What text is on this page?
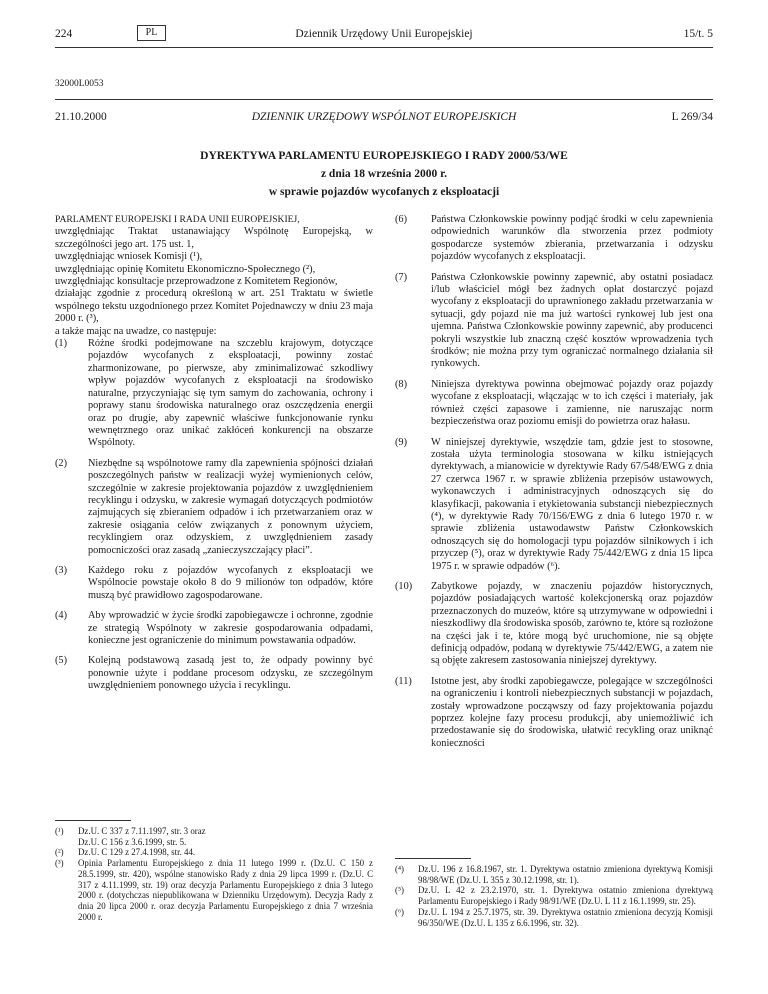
224	PL	Dziennik Urzędowy Unii Europejskiej	15/t. 5
32000L0053
21.10.2000	DZIENNIK URZĘDOWY WSPÓLNOT EUROPEJSKICH	L 269/34
DYREKTYWA PARLAMENTU EUROPEJSKIEGO I RADY 2000/53/WE
z dnia 18 września 2000 r.
w sprawie pojazdów wycofanych z eksploatacji

PARLAMENT EUROPEJSKI I RADA UNII EUROPEJSKIEJ,

uwzględniając Traktat ustanawiający Wspólnotę Europejską, w szczególności jego art. 175 ust. 1,

uwzględniając wniosek Komisji (¹),

uwzględniając opinię Komitetu Ekonomiczno-Społecznego (²),

uwzględniając konsultacje przeprowadzone z Komitetem Regionów,

działając zgodnie z procedurą określoną w art. 251 Traktatu w świetle wspólnego tekstu uzgodnionego przez Komitet Pojednawczy w dniu 23 maja 2000 r. (³),

a także mając na uwadze, co następuje:

(1) Różne środki podejmowane na szczeblu krajowym, dotyczące pojazdów wycofanych z eksploatacji, powinny zostać zharmonizowane, po pierwsze, aby zminimalizować szkodliwy wpływ pojazdów wycofanych z eksploatacji na środowisko naturalne, przyczyniając się tym samym do zachowania, ochrony i poprawy stanu środowiska naturalnego oraz oszczędzenia energii oraz po drugie, aby zapewnić właściwe funkcjonowanie rynku wewnętrznego oraz unikać zakłóceń konkurencji na obszarze Wspólnoty.

(2) Niezbędne są wspólnotowe ramy dla zapewnienia spójności działań poszczególnych państw w realizacji wyżej wymienionych celów, szczególnie w zakresie projektowania pojazdów z uwzględnieniem recyklingu i odzysku, w zakresie wymagań dotyczących podmiotów zajmujących się zbieraniem odpadów i ich przetwarzaniem oraz w zakresie osiągania celów związanych z ponownym użyciem, recyklingiem oraz odzyskiem, z uwzględnieniem zasady pomocniczości oraz zasadą „zanieczyszczający płaci”.

(3) Każdego roku z pojazdów wycofanych z eksploatacji we Wspólnocie powstaje około 8 do 9 milionów ton odpadów, które muszą być prawidłowo zagospodarowane.

(4) Aby wprowadzić w życie środki zapobiegawcze i ochronne, zgodnie ze strategią Wspólnoty w zakresie gospodarowania odpadami, konieczne jest ograniczenie do minimum powstawania odpadów.

(5) Kolejną podstawową zasadą jest to, że odpady powinny być ponownie użyte i poddane procesom odzysku, ze szczególnym uwzględnieniem ponownego użycia i recyklingu.

(¹) Dz.U. C 337 z 7.11.1997, str. 3 oraz

Dz.U. C 156 z 3.6.1999, str. 5.

(²) Dz.U. C 129 z 27.4.1998, str. 44.

(³) Opinia Parlamentu Europejskiego z dnia 11 lutego 1999 r. (Dz.U. C 150 z 28.5.1999, str. 420), wspólne stanowisko Rady z dnia 29 lipca 1999 r. (Dz.U. C 317 z 4.11.1999, str. 19) oraz decyzja Parlamentu Europejskiego z dnia 3 lutego 2000 r. (dotychczas niepublikowana w Dzienniku Urzędowym). Decyzja Rady z dnia 20 lipca 2000 r. oraz decyzja Parlamentu Europejskiego z dnia 7 września 2000 r.

(6) Państwa Członkowskie powinny podjąć środki w celu zapewnienia odpowiednich warunków dla stworzenia przez podmioty gospodarcze systemów zbierania, przetwarzania i odzysku pojazdów wycofanych z eksploatacji.

(7) Państwa Członkowskie powinny zapewnić, aby ostatni posiadacz i/lub właściciel mógł bez żadnych opłat dostarczyć pojazd wycofany z eksploatacji do uprawnionego zakładu przetwarzania w sytuacji, gdy pojazd nie ma już wartości rynkowej lub jest ona ujemna. Państwa Członkowskie powinny zapewnić, aby producenci pokryli wszystkie lub znaczną część kosztów wprowadzenia tych środków; nie można przy tym ograniczać normalnego działania sił rynkowych.

(8) Niniejsza dyrektywa powinna obejmować pojazdy oraz pojazdy wycofane z eksploatacji, włączając w to ich części i materiały, jak również części zapasowe i zamienne, nie naruszając norm bezpieczeństwa oraz poziomu emisji do powietrza oraz hałasu.

(9) W niniejszej dyrektywie, wszędzie tam, gdzie jest to stosowne, została użyta terminologia stosowana w kilku istniejących dyrektywach, a mianowicie w dyrektywie Rady 67/548/EWG z dnia 27 czerwca 1967 r. w sprawie zbliżenia przepisów ustawowych, wykonawczych i administracyjnych odnoszących się do klasyfikacji, pakowania i etykietowania substancji niebezpiecznych (⁴), w dyrektywie Rady 70/156/EWG z dnia 6 lutego 1970 r. w sprawie zbliżenia ustawodawstw Państw Członkowskich odnoszących się do homologacji typu pojazdów silnikowych i ich przyczep (⁵), oraz w dyrektywie Rady 75/442/EWG z dnia 15 lipca 1975 r. w sprawie odpadów (⁶).

(10) Zabytkowe pojazdy, w znaczeniu pojazdów historycznych, pojazdów posiadających wartość kolekcjonerską oraz pojazdów przeznaczonych do muzeów, które są utrzymywane w odpowiedni i nieszkodliwy dla środowiska sposób, zarówno te, które są rozłożone na części jak i te, które mogą być uruchomione, nie są objęte definicją odpadów, podaną w dyrektywie 75/442/EWG, a zatem nie są objęte zakresem zastosowania niniejszej dyrektywy.

(11) Istotne jest, aby środki zapobiegawcze, polegające w szczególności na ograniczeniu i kontroli niebezpiecznych substancji w pojazdach, zostały wprowadzone począwszy od fazy projektowania pojazdu poprzez kolejne fazy procesu produkcji, aby uniemożliwić ich przedostawanie się do środowiska, ułatwić recykling oraz uniknąć konieczności

(⁴) Dz.U. 196 z 16.8.1967, str. 1. Dyrektywa ostatnio zmieniona dyrektywą Komisji 98/98/WE (Dz.U. L 355 z 30.12.1998, str. 1).

(⁵) Dz.U. L 42 z 23.2.1970, str. 1. Dyrektywa ostatnio zmieniona dyrektywą Parlamentu Europejskiego i Rady 98/91/WE (Dz.U. L 11 z 16.1.1999, str. 25).

(⁶) Dz.U. L 194 z 25.7.1975, str. 39. Dyrektywa ostatnio zmieniona decyzją Komisji 96/350/WE (Dz.U. L 135 z 6.6.1996, str. 32).
